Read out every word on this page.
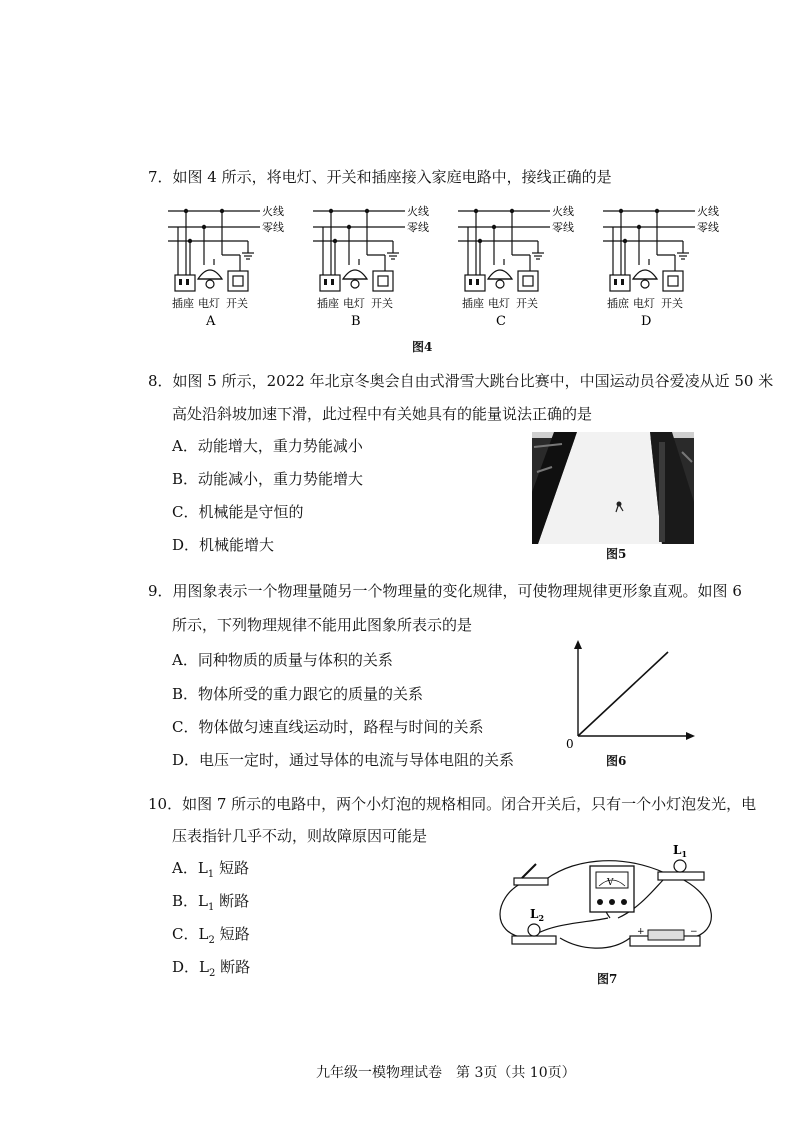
7．如图 4 所示，将电灯、开关和插座接入家庭电路中，接线正确的是
火线
零线
插座 电灯 开关
A
火线
零线
插座 电灯 开关
B
火线
零线
插座 电灯 开关
C
火线
零线
插庶 电灯 开关
D
图4
8．如图 5 所示，2022 年北京冬奥会自由式滑雪大跳台比赛中，中国运动员谷爱凌从近 50 米
高处沿斜坡加速下滑，此过程中有关她具有的能量说法正确的是
A．动能增大，重力势能减小
B．动能减小，重力势能增大
C．机械能是守恒的
D．机械能增大	图5
9．用图象表示一个物理量随另一个物理量的变化规律，可使物理规律更形象直观。如图 6
所示，下列物理规律不能用此图象所表示的是
A．同种物质的质量与体积的关系
B．物体所受的重力跟它的质量的关系
C．物体做匀速直线运动时，路程与时间的关系
D．电压一定时，通过导体的电流与导体电阻的关系
0
图6
10．如图 7 所示的电路中，两个小灯泡的规格相同。闭合开关后，只有一个小灯泡发光，电
压表指针几乎不动，则故障原因可能是
A．$L_1$ 短路
B．$L_1$ 断路
C．$L_2$ 短路
D．$L_2$ 断路
V
$L_1$
$L_2$
+	−
图7
九年级一模物理试卷　第 3页（共 10页）
